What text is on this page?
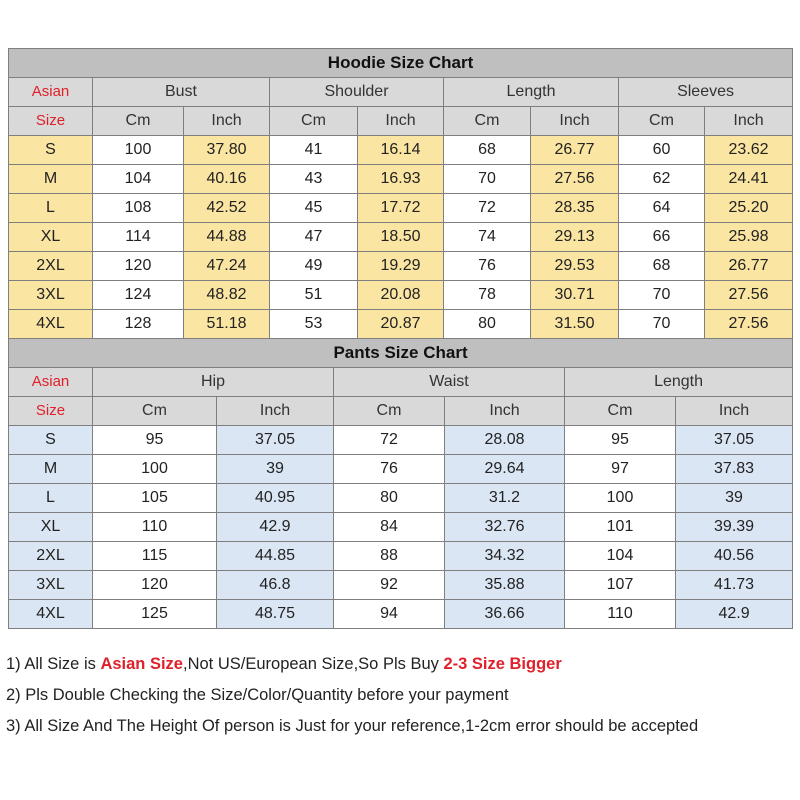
Hoodie Size Chart								
Asian	Bust		Shoulder		Length		Sleeves	
Size	Cm	Inch	Cm	Inch	Cm	Inch	Cm	Inch
S	100	37.80	41	16.14	68	26.77	60	23.62
M	104	40.16	43	16.93	70	27.56	62	24.41
L	108	42.52	45	17.72	72	28.35	64	25.20
XL	114	44.88	47	18.50	74	29.13	66	25.98
2XL	120	47.24	49	19.29	76	29.53	68	26.77
3XL	124	48.82	51	20.08	78	30.71	70	27.56
4XL	128	51.18	53	20.87	80	31.50	70	27.56
Pants Size Chart						
Asian	Hip		Waist		Length	
Size	Cm	Inch	Cm	Inch	Cm	Inch
S	95	37.05	72	28.08	95	37.05
M	100	39	76	29.64	97	37.83
L	105	40.95	80	31.2	100	39
XL	110	42.9	84	32.76	101	39.39
2XL	115	44.85	88	34.32	104	40.56
3XL	120	46.8	92	35.88	107	41.73
4XL	125	48.75	94	36.66	110	42.9
1) All Size is Asian Size,Not US/European Size,So Pls Buy 2-3 Size Bigger
2) Pls Double Checking the Size/Color/Quantity before your payment
3) All Size And The Height Of person is Just for your reference,1-2cm error should be accepted
